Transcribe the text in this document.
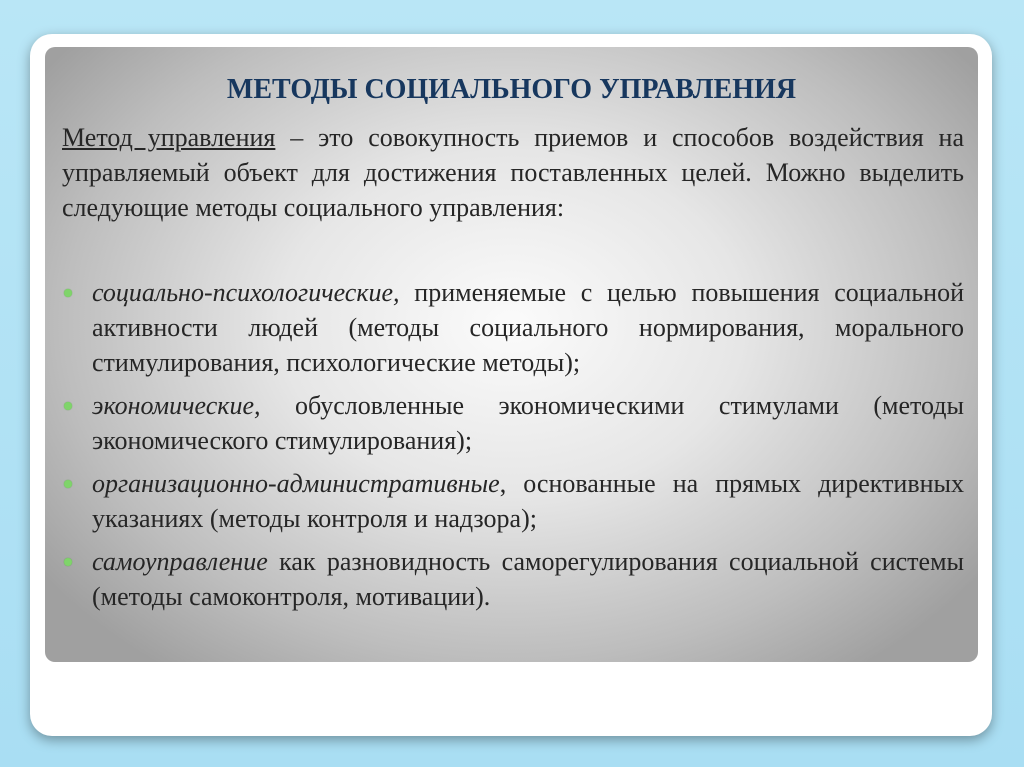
МЕТОДЫ СОЦИАЛЬНОГО УПРАВЛЕНИЯ

Метод управления – это совокупность приемов и способов воздействия на управляемый объект для достижения поставленных целей. Можно выделить следующие методы социального управления:

социально-психологические, применяемые с целью повышения социальной активности людей (методы социального нормирования, морального стимулирования, психологические методы);
экономические, обусловленные экономическими стимулами (методы экономического стимулирования);
организационно-административные, основанные на прямых директивных указаниях (методы контроля и надзора);
самоуправление как разновидность саморегулирования социальной системы (методы самоконтроля, мотивации).
